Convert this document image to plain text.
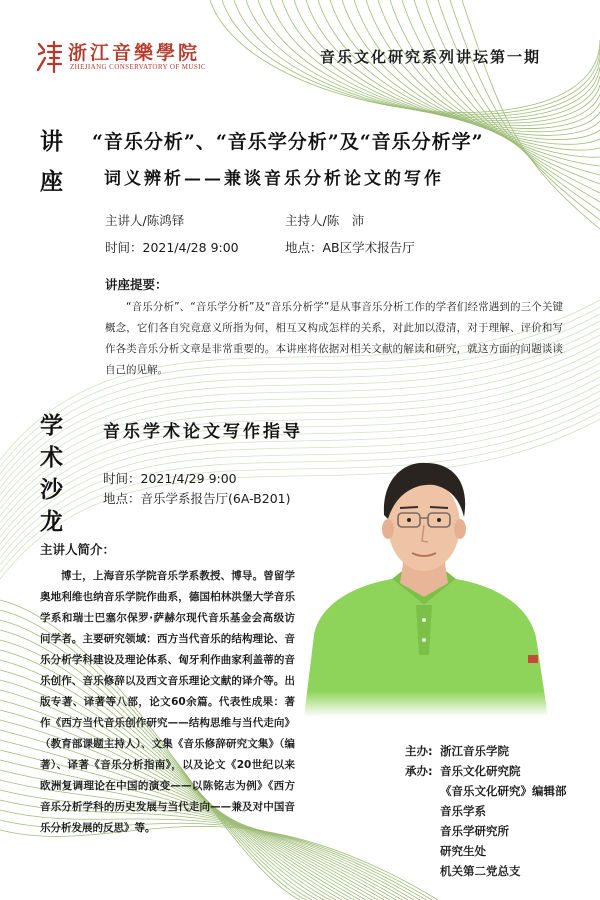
浙江音樂學院
ZHEJIANG CONSERVATORY OF MUSIC
音乐文化研究系列讲坛第一期
讲
座
“音乐分析”、“音乐学分析”及“音乐分析学”
词义辨析——兼谈音乐分析论文的写作
主讲人/陈鸿铎	主持人/陈　沛
时间：2021/4/28 9:00	地点：AB区学术报告厅
讲座提要：
“音乐分析”、“音乐学分析”及“音乐分析学”是从事音乐分析工作的学者们经常遇到的三个关键概念，它们各自究竟意义所指为何，相互又构成怎样的关系，对此加以澄清，对于理解、评价和写作各类音乐分析文章是非常重要的。本讲座将依据对相关文献的解读和研究，就这方面的问题谈谈自己的见解。
学
术
沙
龙
音乐学术论文写作指导
时间：2021/4/29 9:00
地点：音乐学系报告厅(6A-B201)
主讲人简介：
博士，上海音乐学院音乐学系教授、博导。曾留学奥地利维也纳音乐学院作曲系，德国柏林洪堡大学音乐学系和瑞士巴塞尔保罗·萨赫尔现代音乐基金会高级访问学者。主要研究领域：西方当代音乐的结构理论、音乐分析学科建设及理论体系、匈牙利作曲家利盖蒂的音乐创作、音乐修辞以及西文音乐理论文献的译介等。出版专著、译著等八部，论文60余篇。代表性成果：著作《西方当代音乐创作研究——结构思维与当代走向》（教育部课题主持人）、文集《音乐修辞研究文集》（编著）、译著《音乐分析指南》，以及论文《20世纪以来欧洲复调理论在中国的演变——以陈铭志为例》《西方音乐分析学科的历史发展与当代走向——兼及对中国音乐分析发展的反思》等。
主办: 浙江音乐学院
承办: 音乐文化研究院
《音乐文化研究》编辑部
音乐学系
音乐学研究所
研究生处
机关第二党总支
